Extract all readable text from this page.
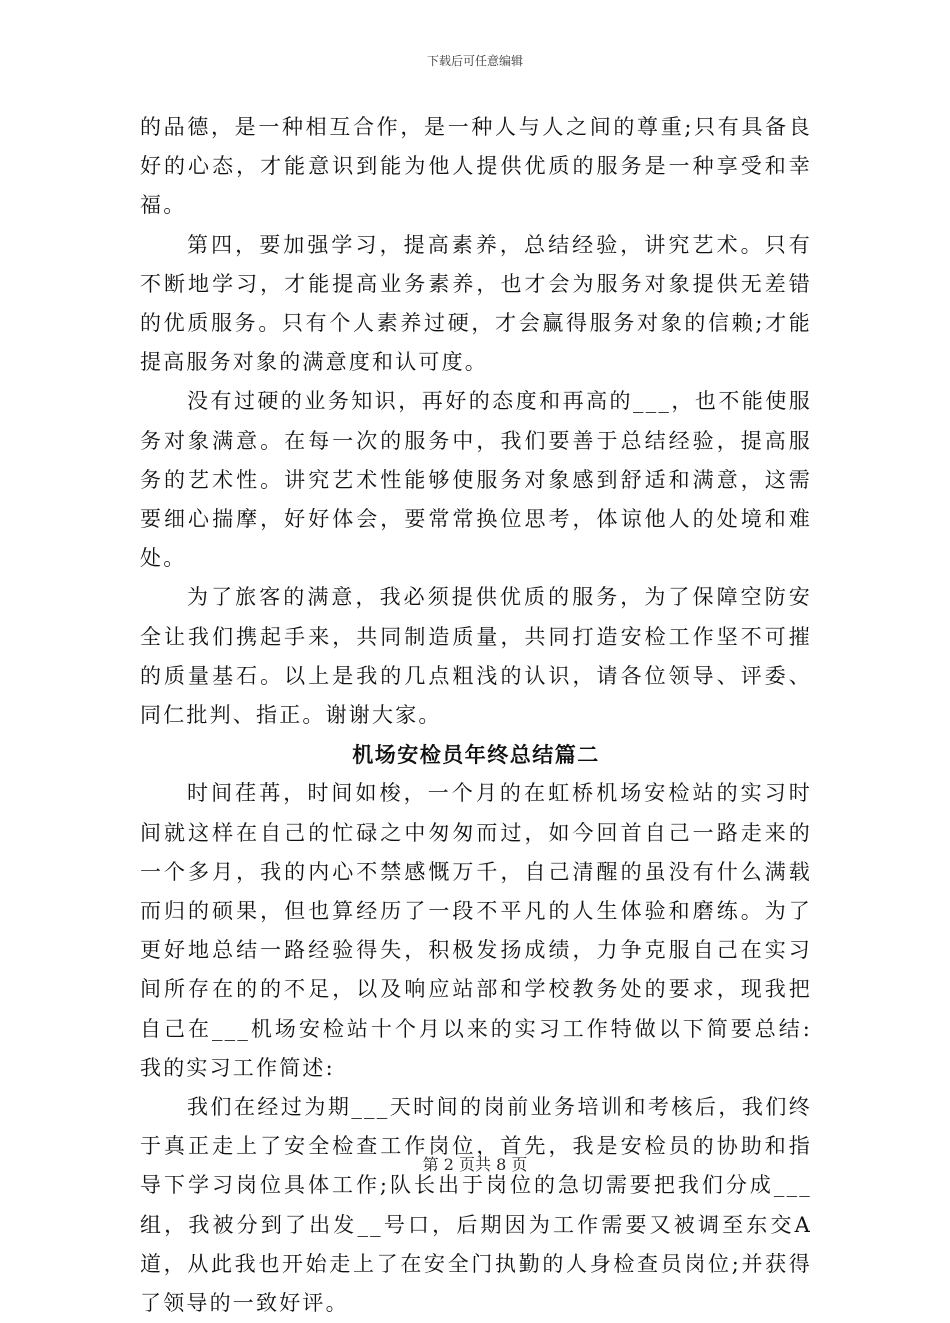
下载后可任意编辑

的品德，是一种相互合作，是一种人与人之间的尊重;只有具备良好的心态，才能意识到能为他人提供优质的服务是一种享受和幸福。

第四，要加强学习，提高素养，总结经验，讲究艺术。只有不断地学习，才能提高业务素养，也才会为服务对象提供无差错的优质服务。只有个人素养过硬，才会赢得服务对象的信赖;才能提高服务对象的满意度和认可度。

没有过硬的业务知识，再好的态度和再高的___，也不能使服务对象满意。在每一次的服务中，我们要善于总结经验，提高服务的艺术性。讲究艺术性能够使服务对象感到舒适和满意，这需要细心揣摩，好好体会，要常常换位思考，体谅他人的处境和难处。

为了旅客的满意，我必须提供优质的服务，为了保障空防安全让我们携起手来，共同制造质量，共同打造安检工作坚不可摧的质量基石。以上是我的几点粗浅的认识，请各位领导、评委、同仁批判、指正。谢谢大家。

机场安检员年终总结篇二

时间荏苒，时间如梭，一个月的在虹桥机场安检站的实习时间就这样在自己的忙碌之中匆匆而过，如今回首自己一路走来的一个多月，我的内心不禁感慨万千，自己清醒的虽没有什么满载而归的硕果，但也算经历了一段不平凡的人生体验和磨练。为了更好地总结一路经验得失，积极发扬成绩，力争克服自己在实习间所存在的的不足，以及响应站部和学校教务处的要求，现我把自己在___机场安检站十个月以来的实习工作特做以下简要总结:我的实习工作简述:

我们在经过为期___天时间的岗前业务培训和考核后，我们终于真正走上了安全检查工作岗位，首先，我是安检员的协助和指导下学习岗位具体工作;队长出于岗位的急切需要把我们分成___组，我被分到了出发__号口，后期因为工作需要又被调至东交A道，从此我也开始走上了在安全门执勤的人身检查员岗位;并获得了领导的一致好评。

第 2 页共 8 页
